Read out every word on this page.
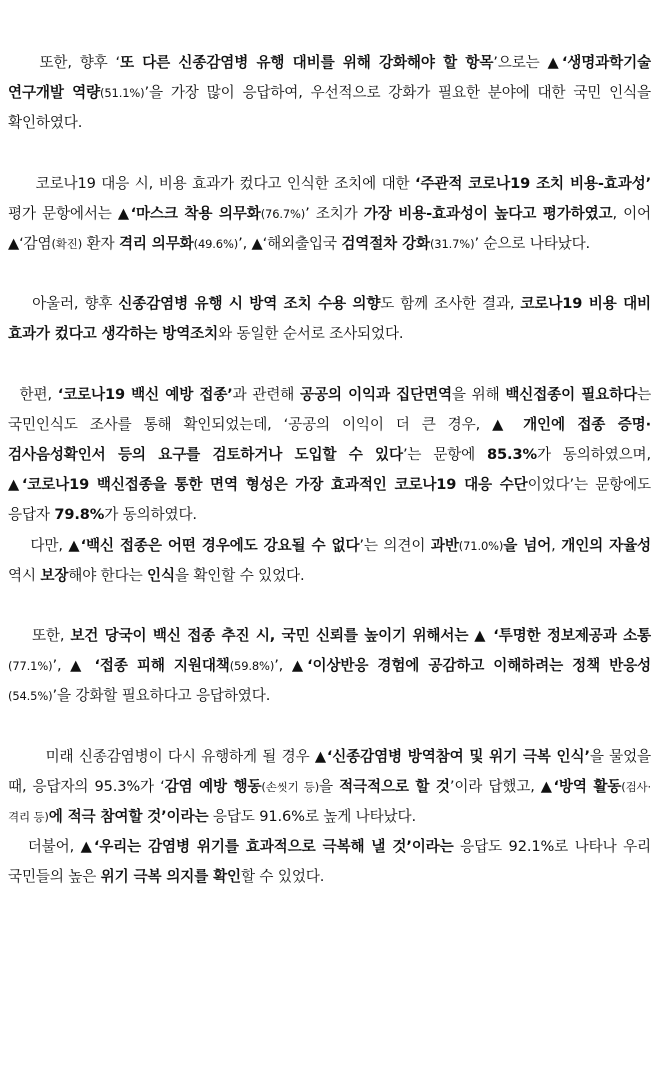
또한, 향후 ‘또 다른 신종감염병 유행 대비를 위해 강화해야 할 항목’으로는 ▲‘생명과학기술 연구개발 역량(51.1%)’을 가장 많이 응답하여, 우선적으로 강화가 필요한 분야에 대한 국민 인식을 확인하였다.

코로나19 대응 시, 비용 효과가 컸다고 인식한 조치에 대한 ‘주관적 코로나19 조치 비용-효과성’ 평가 문항에서는 ▲‘마스크 착용 의무화(76.7%)’ 조치가 가장 비용-효과성이 높다고 평가하였고, 이어 ▲‘감염(확진) 환자 격리 의무화(49.6%)’, ▲‘해외출입국 검역절차 강화(31.7%)’ 순으로 나타났다.

아울러, 향후 신종감염병 유행 시 방역 조치 수용 의향도 함께 조사한 결과, 코로나19 비용 대비 효과가 컸다고 생각하는 방역조치와 동일한 순서로 조사되었다.

한편, ‘코로나19 백신 예방 접종’과 관련해 공공의 이익과 집단면역을 위해 백신접종이 필요하다는 국민인식도 조사를 통해 확인되었는데, ‘공공의 이익이 더 큰 경우, ▲ 개인에 접종 증명·검사음성확인서 등의 요구를 검토하거나 도입할 수 있다’는 문항에 85.3%가 동의하였으며, ▲‘코로나19 백신접종을 통한 면역 형성은 가장 효과적인 코로나19 대응 수단이었다’는 문항에도 응답자 79.8%가 동의하였다.

다만, ▲‘백신 접종은 어떤 경우에도 강요될 수 없다’는 의견이 과반(71.0%)을 넘어, 개인의 자율성 역시 보장해야 한다는 인식을 확인할 수 있었다.

또한, 보건 당국이 백신 접종 추진 시, 국민 신뢰를 높이기 위해서는 ▲ ‘투명한 정보제공과 소통(77.1%)’, ▲ ‘접종 피해 지원대책(59.8%)’, ▲‘이상반응 경험에 공감하고 이해하려는 정책 반응성(54.5%)’을 강화할 필요하다고 응답하였다.

미래 신종감염병이 다시 유행하게 될 경우 ▲‘신종감염병 방역참여 및 위기 극복 인식’을 물었을 때, 응답자의 95.3%가 ‘감염 예방 행동(손씻기 등)을 적극적으로 할 것’이라 답했고, ▲‘방역 활동(검사·격리 등)에 적극 참여할 것’이라는 응답도 91.6%로 높게 나타났다.

더불어, ▲‘우리는 감염병 위기를 효과적으로 극복해 낼 것’이라는 응답도 92.1%로 나타나 우리 국민들의 높은 위기 극복 의지를 확인할 수 있었다.
